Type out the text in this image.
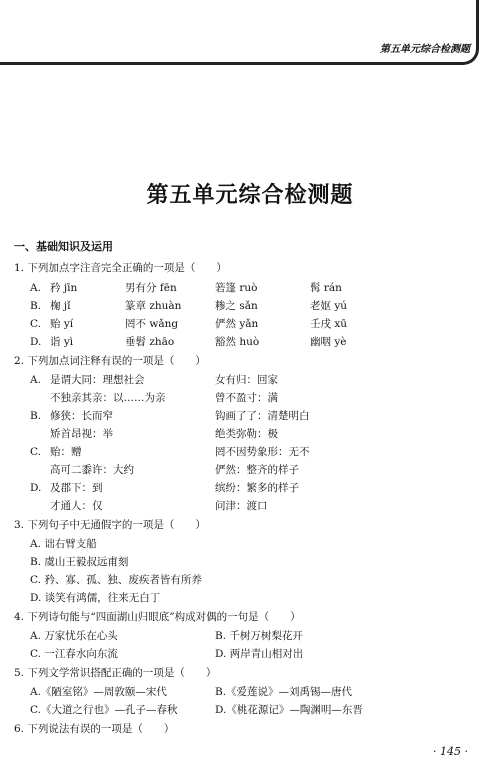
第五单元综合检测题
第五单元综合检测题
一、基础知识及运用
1. 下列加点字注音完全正确的一项是（　　）
A. 矜 jīn	男有分 fēn	箬篷 ruò	髯 rán
B. 椈 jǐ	篆章 zhuàn	糁之 sǎn	老妪 yú
C. 贻 yí	罔不 wǎng	俨然 yǎn	壬戌 xū
D. 诣 yì	垂髫 zhāo	豁然 huò	幽咽 yè
2. 下列加点词注释有误的一项是（　　）
A. 是谓大同：理想社会	女有归：回家
不独亲其亲：以……为亲	曾不盈寸：满
B. 修狭：长而窄	钩画了了：清楚明白
矫首昂视：举	绝类弥勒：极
C. 贻：赠	罔不因势象形：无不
高可二黍许：大约	俨然：整齐的样子
D. 及郡下：到	缤纷：繁多的样子
才通人：仅	问津：渡口
3. 下列句子中无通假字的一项是（　　）
A. 诎右臂支船
B. 虞山王毅叔远甫刻
C. 矜、寡、孤、独、废疾者皆有所养
D. 谈笑有鸿儒，往来无白丁
4. 下列诗句能与“四面湖山归眼底”构成对偶的一句是（　　）
A. 万家忧乐在心头	B. 千树万树梨花开
C. 一江春水向东流	D. 两岸青山相对出
5. 下列文学常识搭配正确的一项是（　　）
A.《陋室铭》—周敦颐—宋代	B.《爱莲说》—刘禹锡—唐代
C.《大道之行也》—孔子—春秋	D.《桃花源记》—陶渊明—东晋
6. 下列说法有误的一项是（　　）
· 145 ·
